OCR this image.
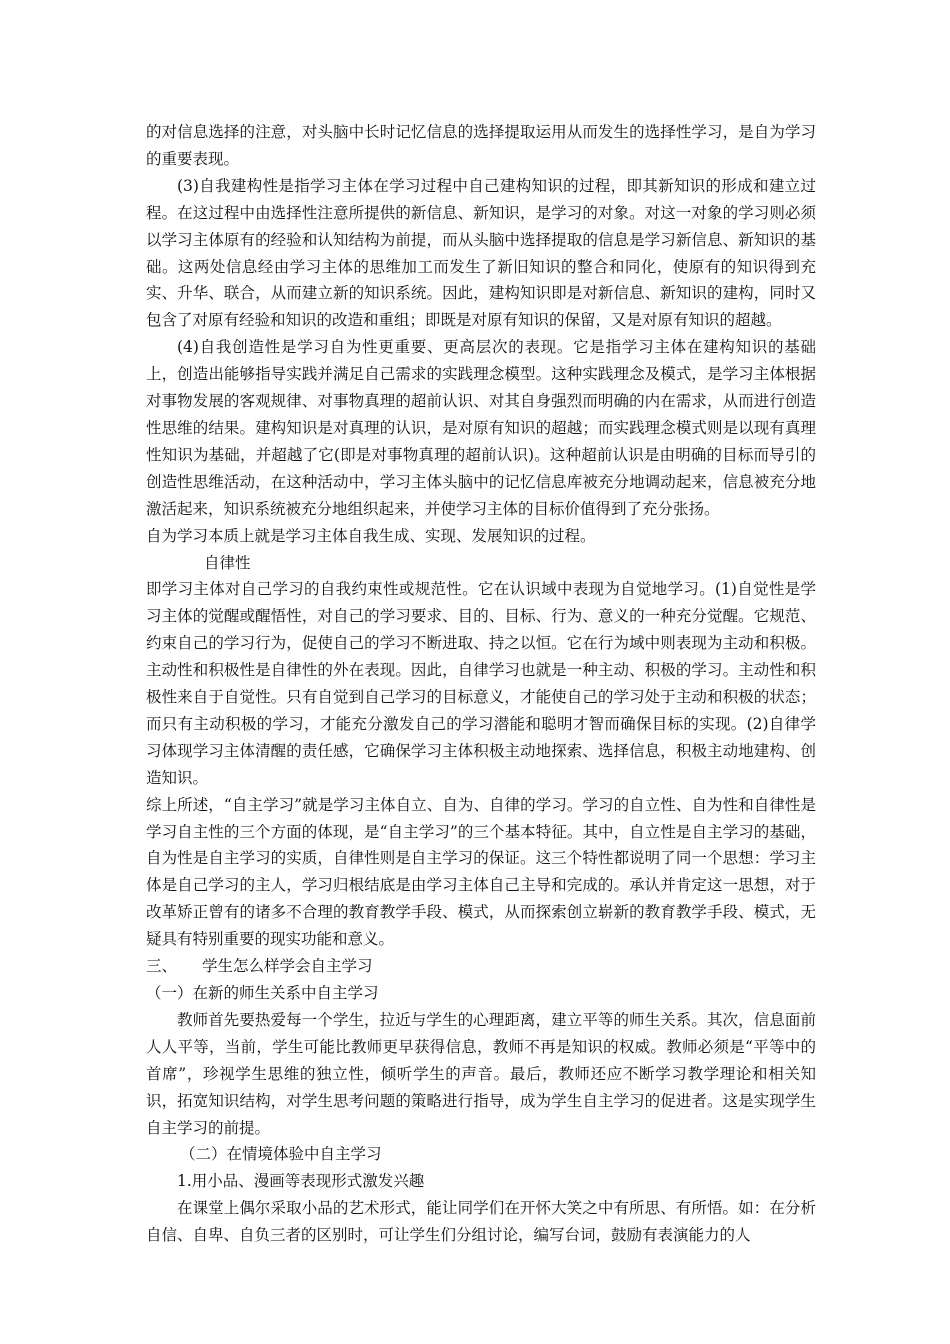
的对信息选择的注意，对头脑中长时记忆信息的选择提取运用从而发生的选择性学习，是自为学习的重要表现。

(3)自我建构性是指学习主体在学习过程中自己建构知识的过程，即其新知识的形成和建立过程。在这过程中由选择性注意所提供的新信息、新知识，是学习的对象。对这一对象的学习则必须以学习主体原有的经验和认知结构为前提，而从头脑中选择提取的信息是学习新信息、新知识的基础。这两处信息经由学习主体的思维加工而发生了新旧知识的整合和同化，使原有的知识得到充实、升华、联合，从而建立新的知识系统。因此，建构知识即是对新信息、新知识的建构，同时又包含了对原有经验和知识的改造和重组；即既是对原有知识的保留，又是对原有知识的超越。

(4)自我创造性是学习自为性更重要、更高层次的表现。它是指学习主体在建构知识的基础上，创造出能够指导实践并满足自己需求的实践理念模型。这种实践理念及模式，是学习主体根据对事物发展的客观规律、对事物真理的超前认识、对其自身强烈而明确的内在需求，从而进行创造性思维的结果。建构知识是对真理的认识，是对原有知识的超越；而实践理念模式则是以现有真理性知识为基础，并超越了它(即是对事物真理的超前认识)。这种超前认识是由明确的目标而导引的创造性思维活动，在这种活动中，学习主体头脑中的记忆信息库被充分地调动起来，信息被充分地激活起来，知识系统被充分地组织起来，并使学习主体的目标价值得到了充分张扬。

自为学习本质上就是学习主体自我生成、实现、发展知识的过程。

自律性

即学习主体对自己学习的自我约束性或规范性。它在认识域中表现为自觉地学习。(1)自觉性是学习主体的觉醒或醒悟性，对自己的学习要求、目的、目标、行为、意义的一种充分觉醒。它规范、约束自己的学习行为，促使自己的学习不断进取、持之以恒。它在行为域中则表现为主动和积极。主动性和积极性是自律性的外在表现。因此，自律学习也就是一种主动、积极的学习。主动性和积极性来自于自觉性。只有自觉到自己学习的目标意义，才能使自己的学习处于主动和积极的状态；而只有主动积极的学习，才能充分激发自己的学习潜能和聪明才智而确保目标的实现。(2)自律学习体现学习主体清醒的责任感，它确保学习主体积极主动地探索、选择信息，积极主动地建构、创造知识。

综上所述，“自主学习”就是学习主体自立、自为、自律的学习。学习的自立性、自为性和自律性是学习自主性的三个方面的体现，是“自主学习”的三个基本特征。其中，自立性是自主学习的基础，自为性是自主学习的实质，自律性则是自主学习的保证。这三个特性都说明了同一个思想：学习主体是自己学习的主人，学习归根结底是由学习主体自己主导和完成的。承认并肯定这一思想，对于改革矫正曾有的诸多不合理的教育教学手段、模式，从而探索创立崭新的教育教学手段、模式，无疑具有特别重要的现实功能和意义。

三、 学生怎么样学会自主学习

（一）在新的师生关系中自主学习

教师首先要热爱每一个学生，拉近与学生的心理距离，建立平等的师生关系。其次，信息面前人人平等，当前，学生可能比教师更早获得信息，教师不再是知识的权威。教师必须是“平等中的首席”，珍视学生思维的独立性，倾听学生的声音。最后，教师还应不断学习教学理论和相关知识，拓宽知识结构，对学生思考问题的策略进行指导，成为学生自主学习的促进者。这是实现学生自主学习的前提。

（二）在情境体验中自主学习

1.用小品、漫画等表现形式激发兴趣

在课堂上偶尔采取小品的艺术形式，能让同学们在开怀大笑之中有所思、有所悟。如：在分析自信、自卑、自负三者的区别时，可让学生们分组讨论，编写台词，鼓励有表演能力的人
